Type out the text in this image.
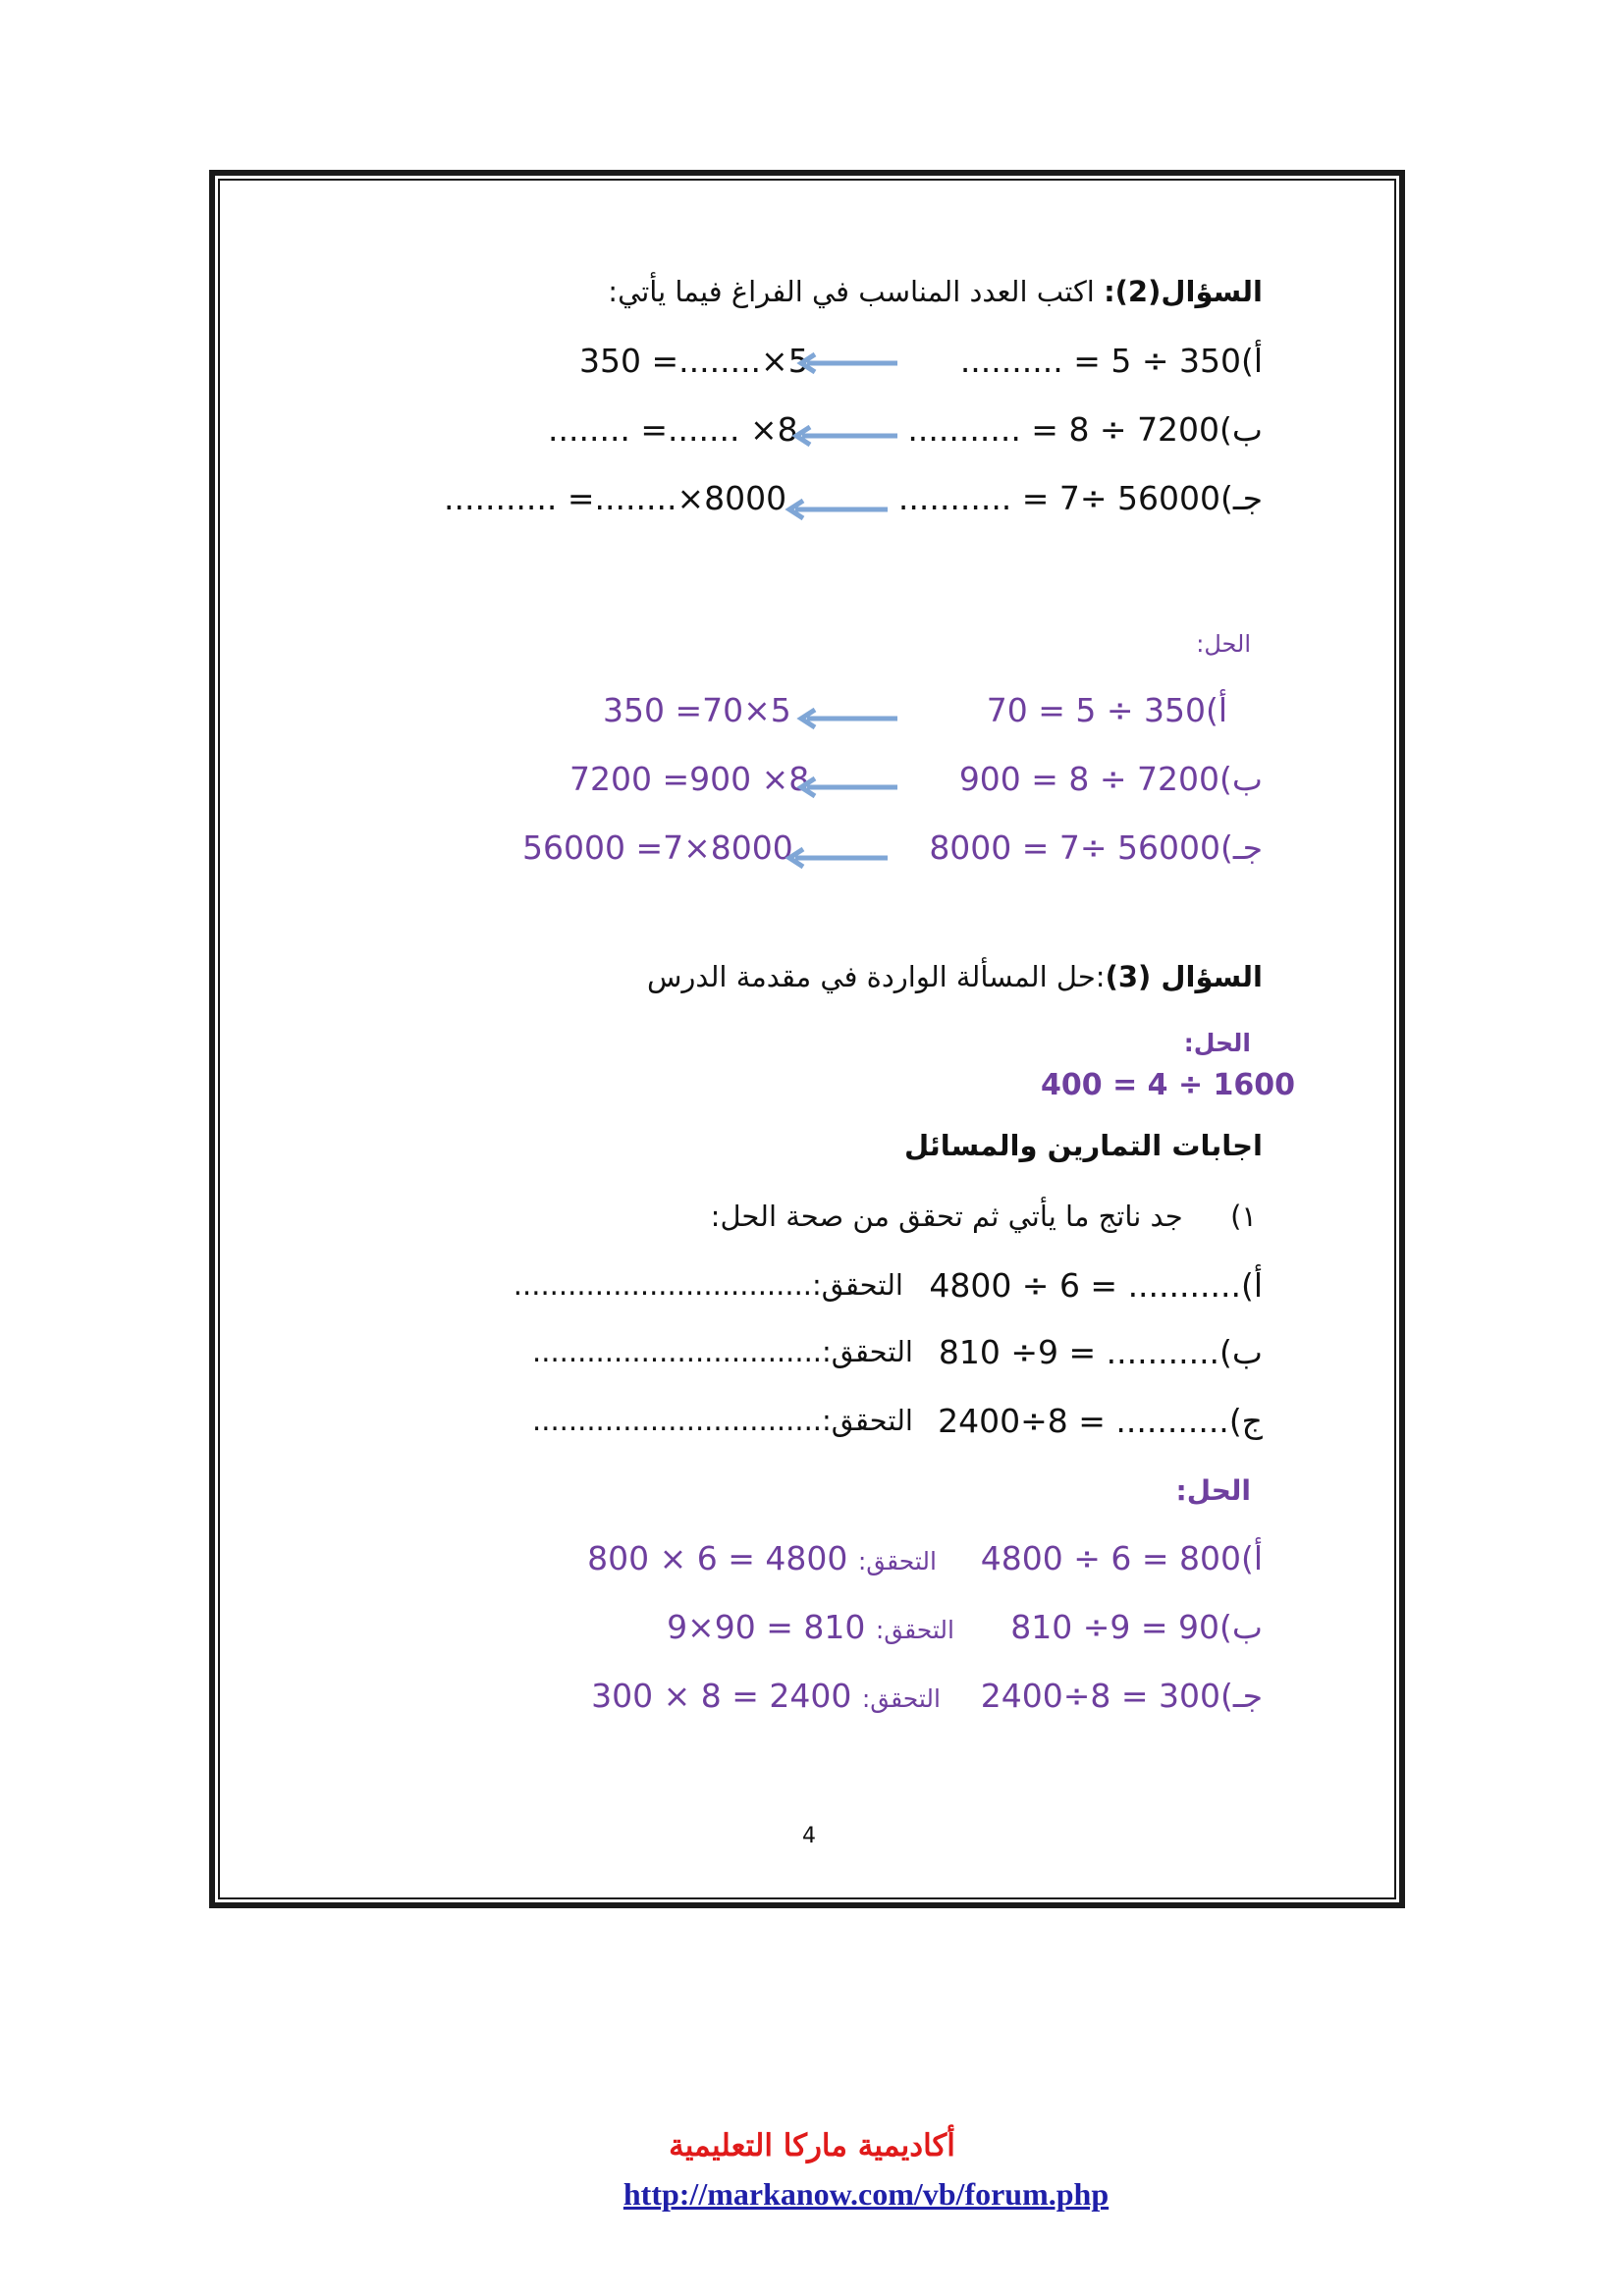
السؤال(2): اكتب العدد المناسب في الفراغ فيما يأتي:
أ).......... = 5 ÷ 350
350 =........×5
ب)........... = 8 ÷ 7200
........ =....... ×8
جـ)........... = 7÷ 56000
........... =........×8000
الحل:
أ)70 = 5 ÷ 350
350 =70×5
ب)900 = 8 ÷ 7200
7200 =900 ×8
جـ)8000 = 7÷ 56000
56000 =7×8000
السؤال (3):حل المسألة الواردة في مقدمة الدرس
الحل:
400 = 4 ÷ 1600
اجابات التمارين والمسائل
١)  جد ناتج ما يأتي ثم تحقق من صحة الحل:
أ)4800 ÷ 6 = ...........
التحقق:.................................
ب)810 ÷9 = ...........
التحقق:................................
ج)2400÷8 = ...........
التحقق:................................
الحل:
أ)4800 ÷ 6 = 800
التحقق: 800 × 6 = 4800
ب)810 ÷9 = 90
التحقق: 9×90 = 810
جـ)2400÷8 = 300
التحقق: 300 × 8 = 2400
4
أكاديمية ماركا التعليمية
http://markanow.com/vb/forum.php
